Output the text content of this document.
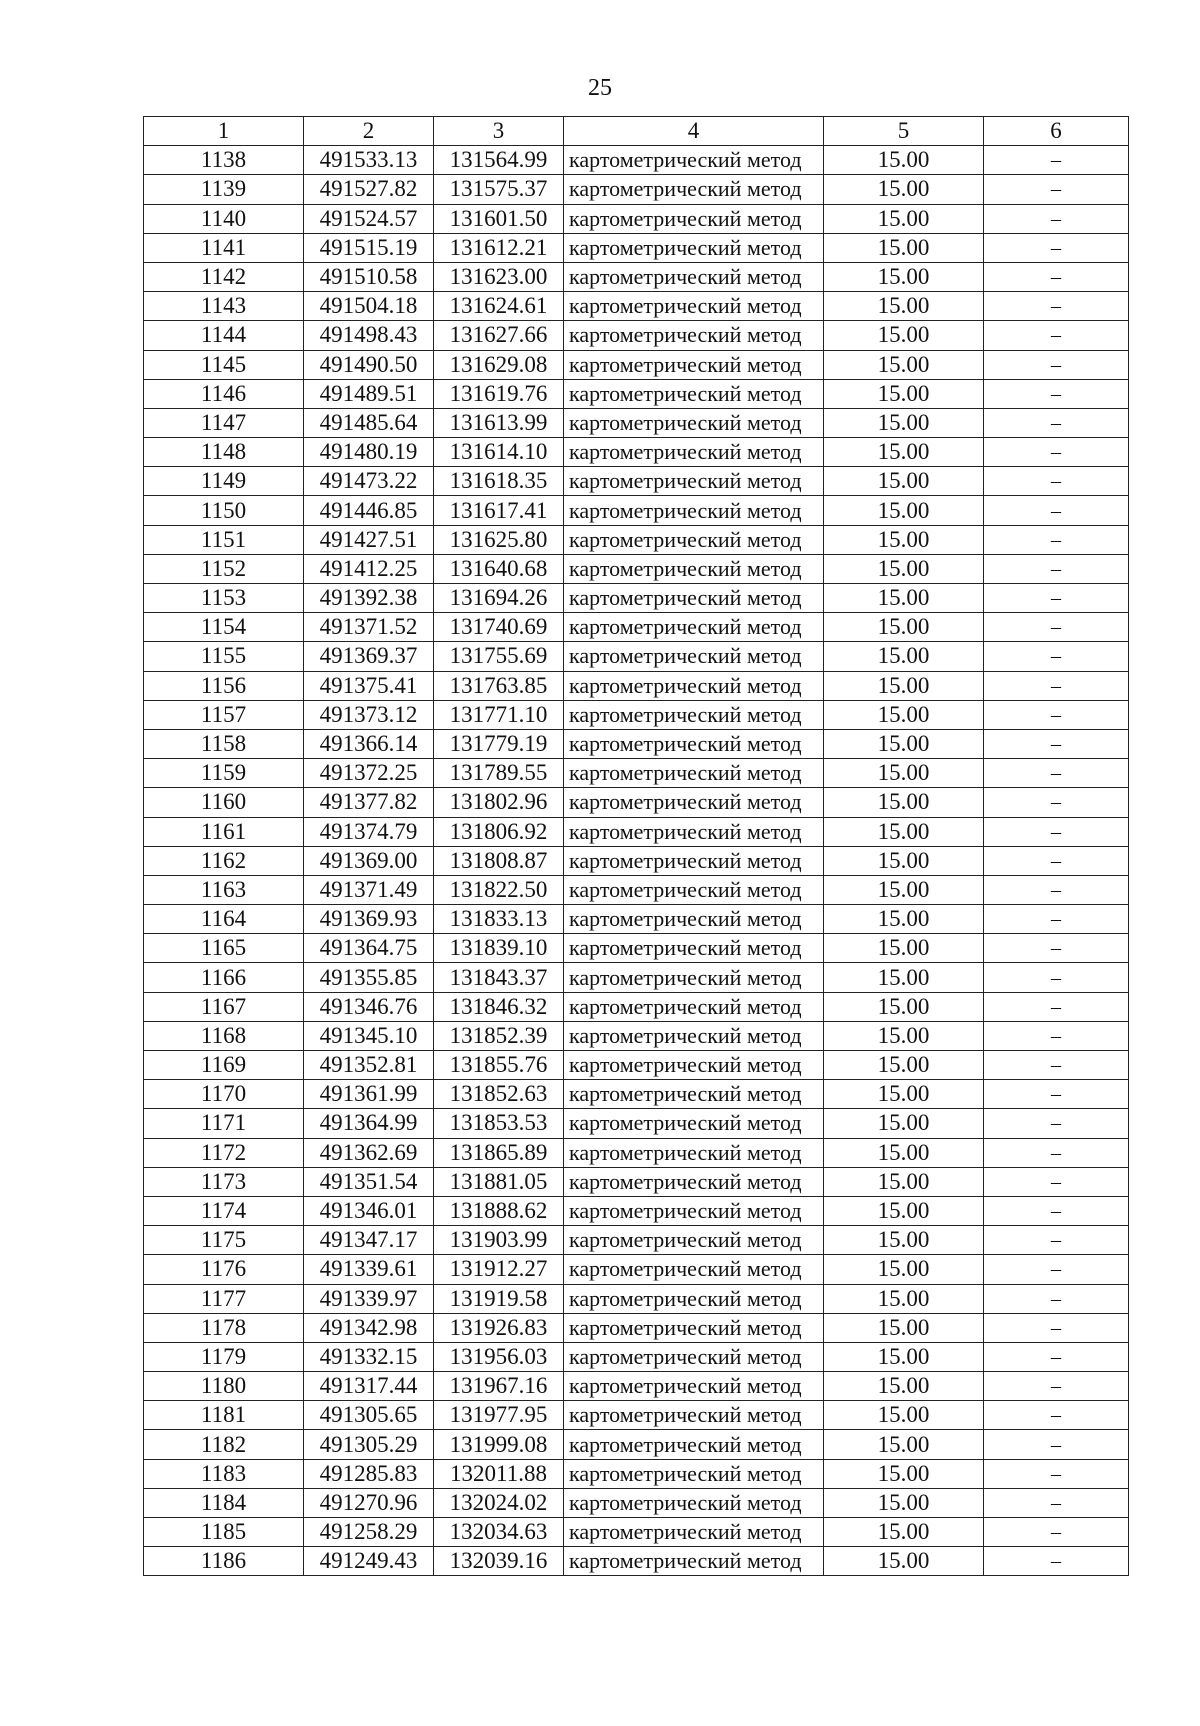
25
1	2	3	4	5	6
1138	491533.13	131564.99	картометрический метод	15.00	–
1139	491527.82	131575.37	картометрический метод	15.00	–
1140	491524.57	131601.50	картометрический метод	15.00	–
1141	491515.19	131612.21	картометрический метод	15.00	–
1142	491510.58	131623.00	картометрический метод	15.00	–
1143	491504.18	131624.61	картометрический метод	15.00	–
1144	491498.43	131627.66	картометрический метод	15.00	–
1145	491490.50	131629.08	картометрический метод	15.00	–
1146	491489.51	131619.76	картометрический метод	15.00	–
1147	491485.64	131613.99	картометрический метод	15.00	–
1148	491480.19	131614.10	картометрический метод	15.00	–
1149	491473.22	131618.35	картометрический метод	15.00	–
1150	491446.85	131617.41	картометрический метод	15.00	–
1151	491427.51	131625.80	картометрический метод	15.00	–
1152	491412.25	131640.68	картометрический метод	15.00	–
1153	491392.38	131694.26	картометрический метод	15.00	–
1154	491371.52	131740.69	картометрический метод	15.00	–
1155	491369.37	131755.69	картометрический метод	15.00	–
1156	491375.41	131763.85	картометрический метод	15.00	–
1157	491373.12	131771.10	картометрический метод	15.00	–
1158	491366.14	131779.19	картометрический метод	15.00	–
1159	491372.25	131789.55	картометрический метод	15.00	–
1160	491377.82	131802.96	картометрический метод	15.00	–
1161	491374.79	131806.92	картометрический метод	15.00	–
1162	491369.00	131808.87	картометрический метод	15.00	–
1163	491371.49	131822.50	картометрический метод	15.00	–
1164	491369.93	131833.13	картометрический метод	15.00	–
1165	491364.75	131839.10	картометрический метод	15.00	–
1166	491355.85	131843.37	картометрический метод	15.00	–
1167	491346.76	131846.32	картометрический метод	15.00	–
1168	491345.10	131852.39	картометрический метод	15.00	–
1169	491352.81	131855.76	картометрический метод	15.00	–
1170	491361.99	131852.63	картометрический метод	15.00	–
1171	491364.99	131853.53	картометрический метод	15.00	–
1172	491362.69	131865.89	картометрический метод	15.00	–
1173	491351.54	131881.05	картометрический метод	15.00	–
1174	491346.01	131888.62	картометрический метод	15.00	–
1175	491347.17	131903.99	картометрический метод	15.00	–
1176	491339.61	131912.27	картометрический метод	15.00	–
1177	491339.97	131919.58	картометрический метод	15.00	–
1178	491342.98	131926.83	картометрический метод	15.00	–
1179	491332.15	131956.03	картометрический метод	15.00	–
1180	491317.44	131967.16	картометрический метод	15.00	–
1181	491305.65	131977.95	картометрический метод	15.00	–
1182	491305.29	131999.08	картометрический метод	15.00	–
1183	491285.83	132011.88	картометрический метод	15.00	–
1184	491270.96	132024.02	картометрический метод	15.00	–
1185	491258.29	132034.63	картометрический метод	15.00	–
1186	491249.43	132039.16	картометрический метод	15.00	–
